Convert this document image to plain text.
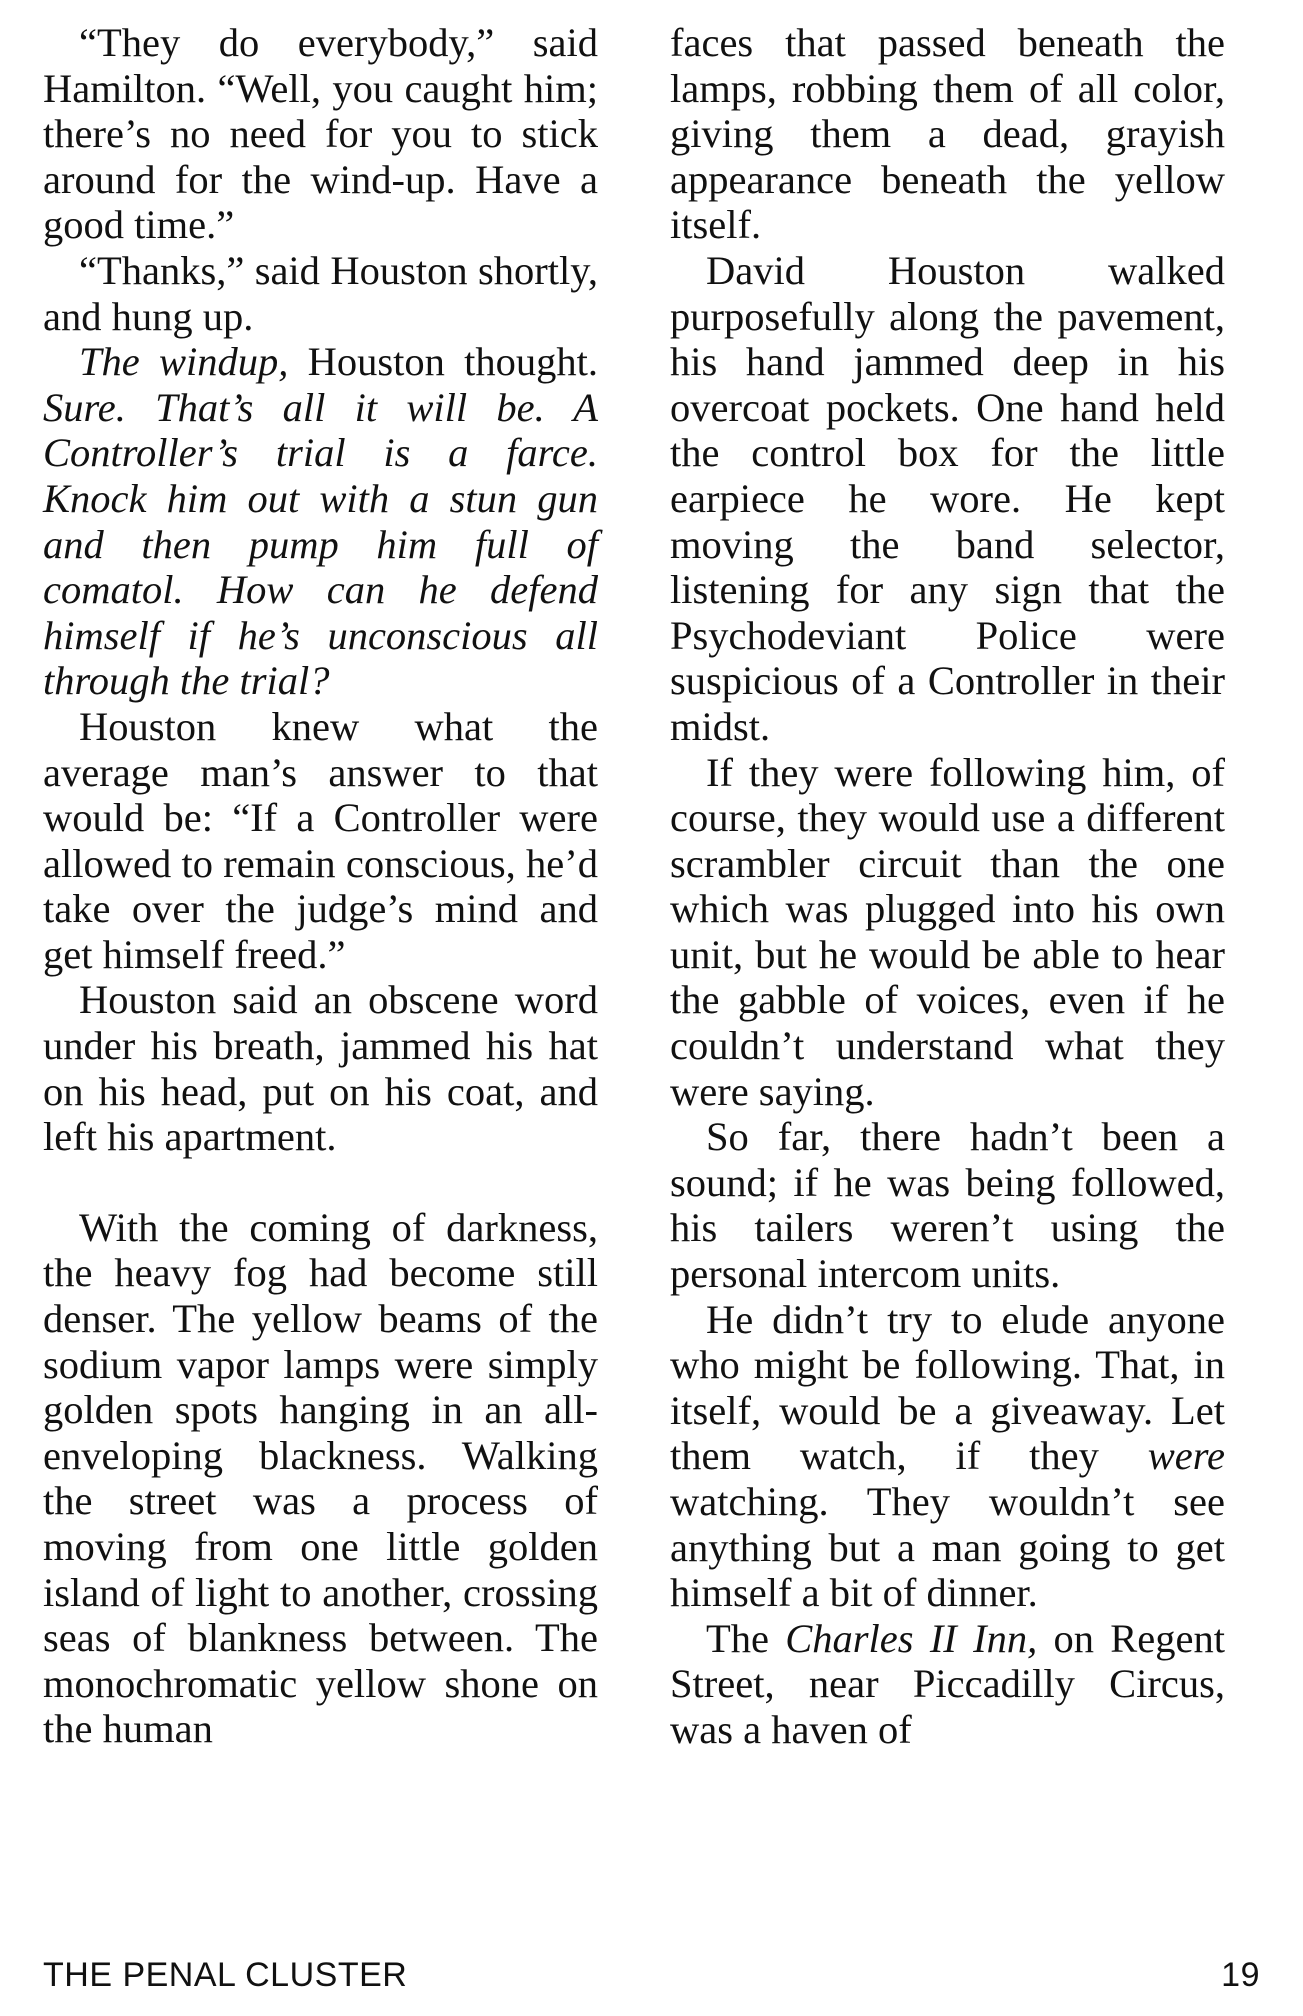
“They do everybody,” said Hamilton. “Well, you caught him; there’s no need for you to stick around for the wind-up. Have a good time.”

“Thanks,” said Houston shortly, and hung up.

The windup, Houston thought. Sure. That’s all it will be. A Controller’s trial is a farce. Knock him out with a stun gun and then pump him full of comatol. How can he defend himself if he’s unconscious all through the trial?

Houston knew what the average man’s answer to that would be: “If a Controller were allowed to remain conscious, he’d take over the judge’s mind and get himself freed.”

Houston said an obscene word under his breath, jammed his hat on his head, put on his coat, and left his apartment.

With the coming of darkness, the heavy fog had become still denser. The yellow beams of the sodium vapor lamps were simply golden spots hanging in an all-enveloping blackness. Walking the street was a process of moving from one little golden island of light to another, crossing seas of blankness between. The monochromatic yellow shone on the human

faces that passed beneath the lamps, robbing them of all color, giving them a dead, grayish appearance beneath the yellow itself.

David Houston walked purposefully along the pavement, his hand jammed deep in his overcoat pockets. One hand held the control box for the little earpiece he wore. He kept moving the band selector, listening for any sign that the Psychodeviant Police were suspicious of a Controller in their midst.

If they were following him, of course, they would use a different scrambler circuit than the one which was plugged into his own unit, but he would be able to hear the gabble of voices, even if he couldn’t understand what they were saying.

So far, there hadn’t been a sound; if he was being followed, his tailers weren’t using the personal intercom units.

He didn’t try to elude anyone who might be following. That, in itself, would be a giveaway. Let them watch, if they were watching. They wouldn’t see anything but a man going to get himself a bit of dinner.

The Charles II Inn, on Regent Street, near Piccadilly Circus, was a haven of

THE PENAL CLUSTER	19
